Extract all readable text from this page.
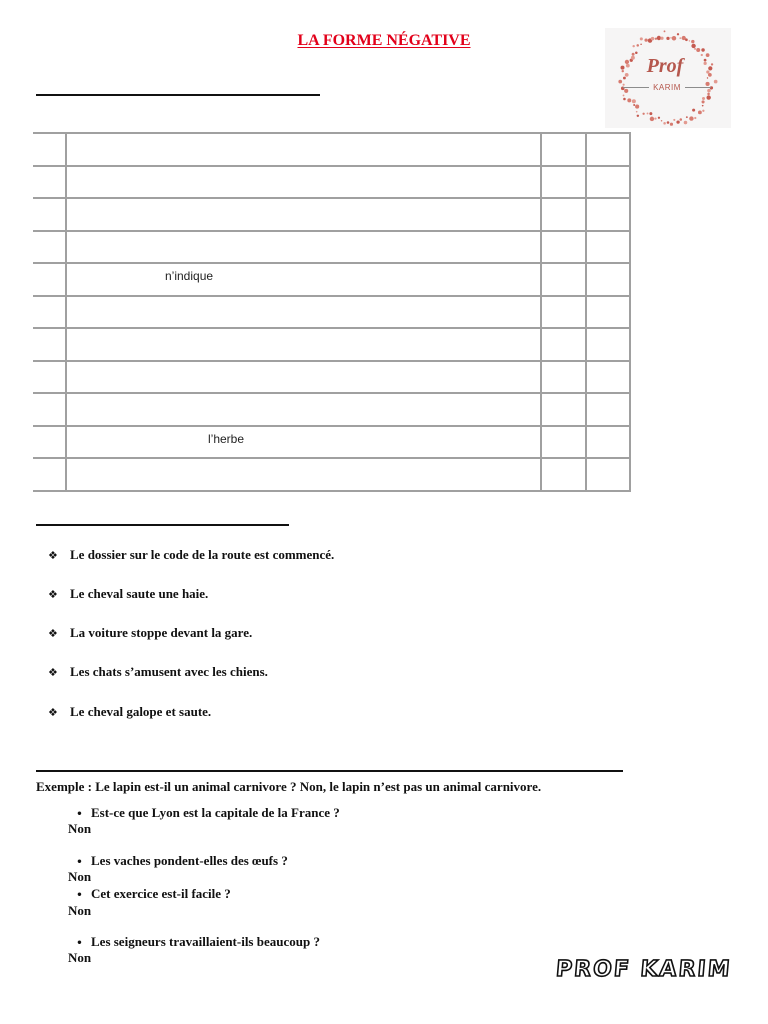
LA FORME NÉGATIVE
Prof
KARIM

	n’indique		

	l’herbe		

❖ Le dossier sur le code de la route est commencé.
❖ Le cheval saute une haie.
❖ La voiture stoppe devant la gare.
❖ Les chats s’amusent avec les chiens.
❖ Le cheval galope et saute.
Exemple : Le lapin est-il un animal carnivore ? Non, le lapin n’est pas un animal carnivore.
• Est-ce que Lyon est la capitale de la France ?
Non
• Les vaches pondent-elles des œufs ?
Non
• Cet exercice est-il facile ?
Non
• Les seigneurs travaillaient-ils beaucoup ?
Non	PROF KARIM
